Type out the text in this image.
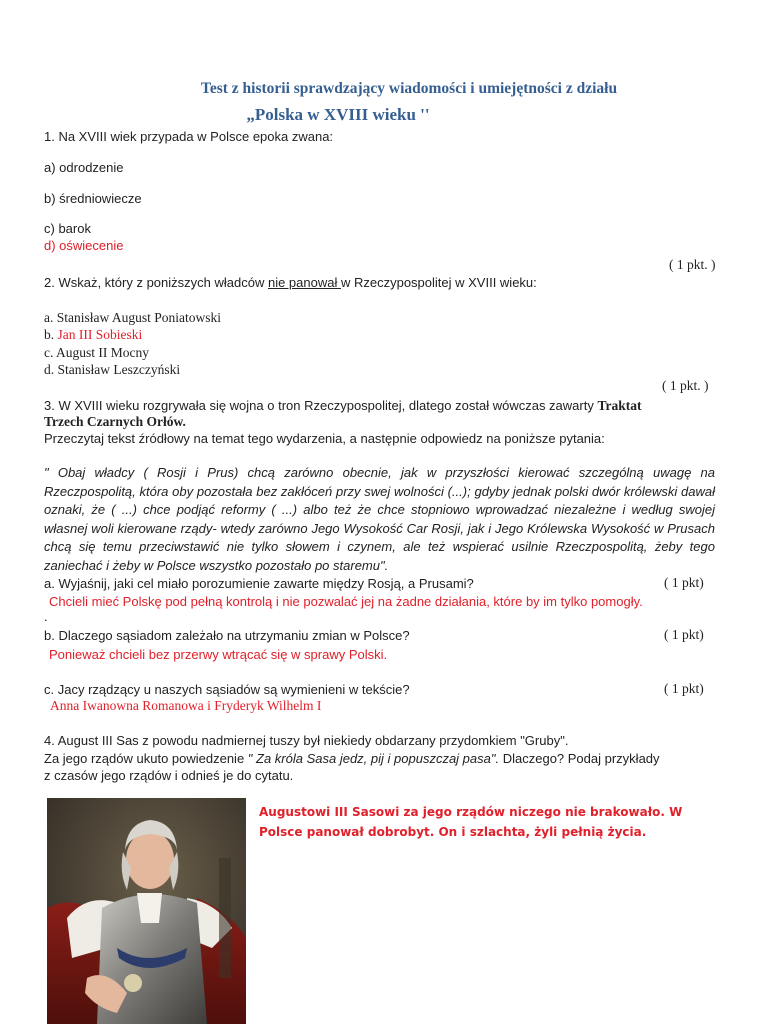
Test z historii sprawdzający wiadomości i umiejętności z działu
„Polska w XVIII wieku ''
1. Na XVIII wiek przypada w Polsce epoka zwana:
a) odrodzenie
b) średniowiecze
c) barok
d) oświecenie
( 1 pkt. )
2. Wskaż, który z poniższych władców nie panował w Rzeczypospolitej w XVIII wieku:
a. Stanisław August Poniatowski
b. Jan III Sobieski
c. August II Mocny
d. Stanisław Leszczyński
( 1 pkt. )
3. W XVIII wieku rozgrywała się wojna o tron Rzeczypospolitej, dlatego został wówczas zawarty Traktat
Trzech Czarnych Orłów.
Przeczytaj tekst źródłowy na temat tego wydarzenia, a następnie odpowiedz na poniższe pytania:
" Obaj władcy ( Rosji i Prus) chcą zarówno obecnie, jak w przyszłości kierować szczególną uwagę na Rzeczpospolitą, która oby pozostała bez zakłóceń przy swej wolności (...); gdyby jednak polski dwór królewski dawał oznaki, że ( ...) chce podjąć reformy ( ...) albo też że chce stopniowo wprowadzać niezależne i według swojej własnej woli kierowane rządy- wtedy zarówno Jego Wysokość Car Rosji, jak i Jego Królewska Wysokość w Prusach chcą się temu przeciwstawić nie tylko słowem i czynem, ale też wspierać usilnie Rzeczpospolitą, żeby tego zaniechać i żeby w Polsce wszystko pozostało po staremu".
a. Wyjaśnij, jaki cel miało porozumienie zawarte między Rosją, a Prusami?	( 1 pkt)
Chcieli mieć Polskę pod pełną kontrolą i nie pozwalać jej na żadne działania, które by im tylko pomogły.
.
b. Dlaczego sąsiadom zależało na utrzymaniu zmian w Polsce?	( 1 pkt)
Ponieważ chcieli bez przerwy wtrącać się w sprawy Polski.
c. Jacy rządzący u naszych sąsiadów są wymienieni w tekście?	( 1 pkt)
Anna Iwanowna Romanowa i Fryderyk Wilhelm I
4. August III Sas z powodu nadmiernej tuszy był niekiedy obdarzany przydomkiem "Gruby".
Za jego rządów ukuto powiedzenie " Za króla Sasa jedz, pij i popuszczaj pasa". Dlaczego? Podaj przykłady
z czasów jego rządów i odnieś je do cytatu.
Augustowi III Sasowi za jego rządów niczego nie brakowało. W Polsce panował dobrobyt. On i szlachta, żyli pełnią życia.
